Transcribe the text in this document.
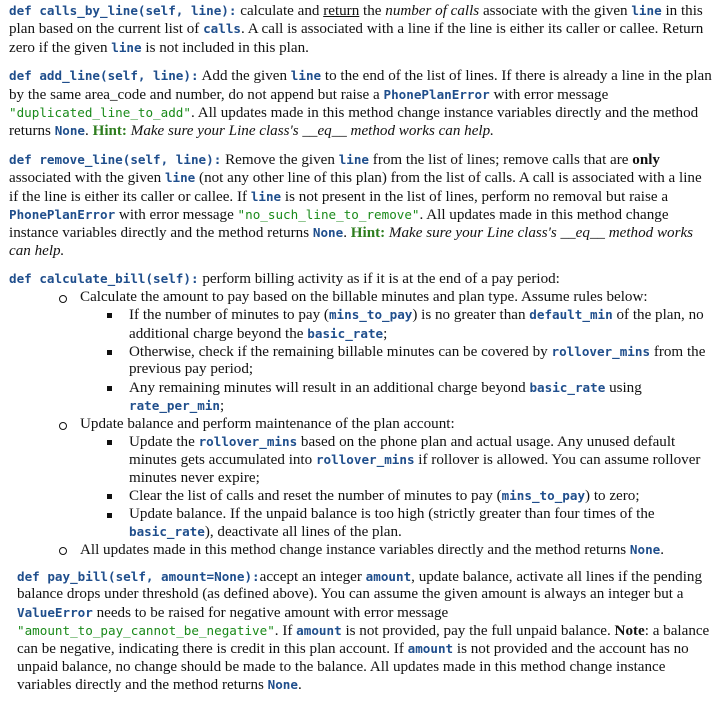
def calls_by_line(self, line): calculate and return the number of calls associate with the given line in this plan based on the current list of calls. A call is associated with a line if the line is either its caller or callee. Return zero if the given line is not included in this plan.

def add_line(self, line): Add the given line to the end of the list of lines. If there is already a line in the plan by the same area_code and number, do not append but raise a PhonePlanError with error message "duplicated_line_to_add". All updates made in this method change instance variables directly and the method returns None. Hint: Make sure your Line class's __eq__ method works can help.

def remove_line(self, line): Remove the given line from the list of lines; remove calls that are only associated with the given line (not any other line of this plan) from the list of calls. A call is associated with a line if the line is either its caller or callee. If line is not present in the list of lines, perform no removal but raise a PhonePlanError with error message "no_such_line_to_remove". All updates made in this method change instance variables directly and the method returns None. Hint: Make sure your Line class's __eq__ method works can help.

def calculate_bill(self): perform billing activity as if it is at the end of a pay period:
Calculate the amount to pay based on the billable minutes and plan type. Assume rules below:
If the number of minutes to pay (mins_to_pay) is no greater than default_min of the plan, no additional charge beyond the basic_rate;
Otherwise, check if the remaining billable minutes can be covered by rollover_mins from the previous pay period;
Any remaining minutes will result in an additional charge beyond basic_rate using rate_per_min;
Update balance and perform maintenance of the plan account:
Update the rollover_mins based on the phone plan and actual usage. Any unused default minutes gets accumulated into rollover_mins if rollover is allowed. You can assume rollover minutes never expire;
Clear the list of calls and reset the number of minutes to pay (mins_to_pay) to zero;
Update balance. If the unpaid balance is too high (strictly greater than four times of the basic_rate), deactivate all lines of the plan.
All updates made in this method change instance variables directly and the method returns None.

def pay_bill(self, amount=None):accept an integer amount, update balance, activate all lines if the pending balance drops under threshold (as defined above). You can assume the given amount is always an integer but a ValueError needs to be raised for negative amount with error message "amount_to_pay_cannot_be_negative". If amount is not provided, pay the full unpaid balance. Note: a balance can be negative, indicating there is credit in this plan account. If amount is not provided and the account has no unpaid balance, no change should be made to the balance. All updates made in this method change instance variables directly and the method returns None.
